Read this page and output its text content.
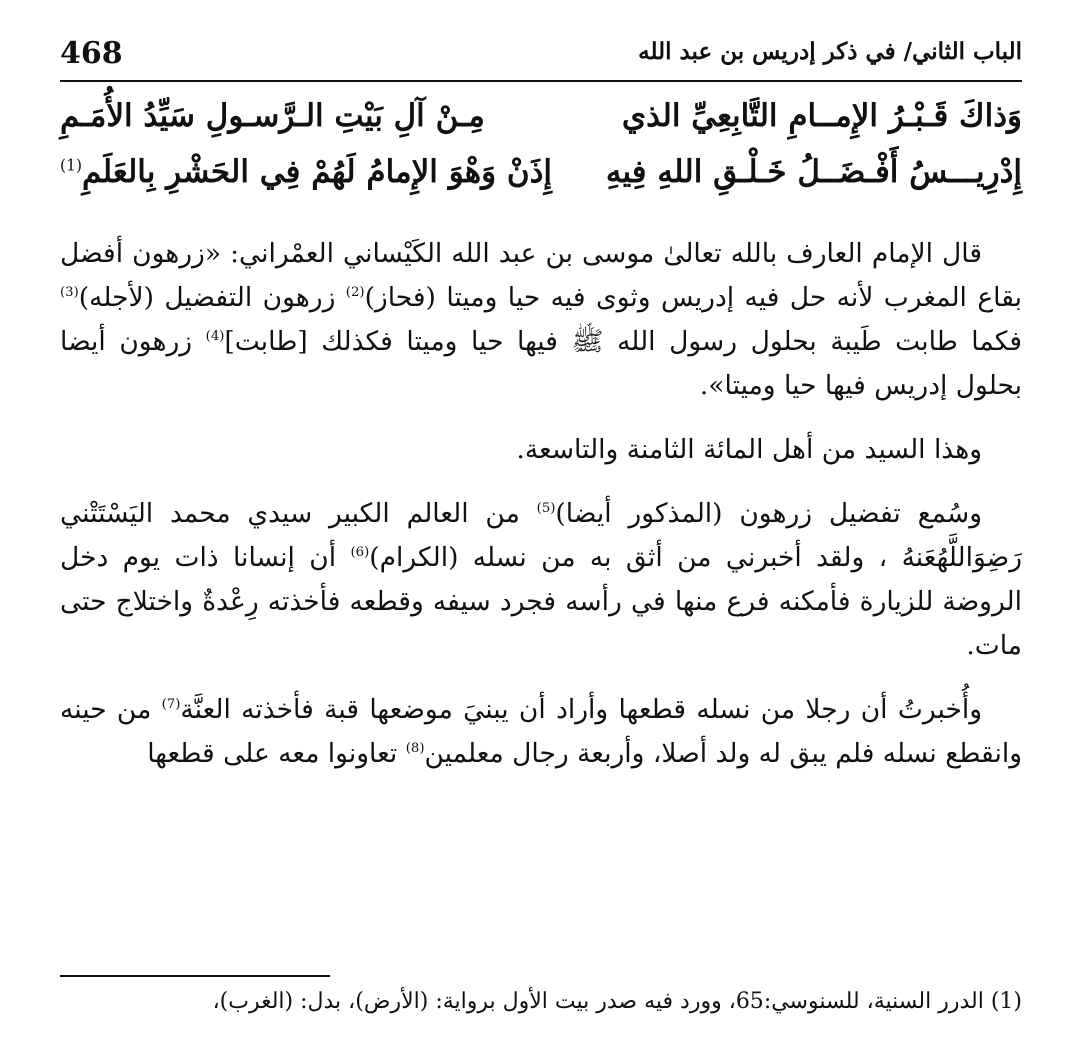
468	الباب الثاني/ في ذكر إدريس بن عبد الله
وَذاكَ قَـبْـرُ الإِمــامِ التَّابِعِيِّ الذي
مِـنْ آلِ بَيْتِ الـرَّسـولِ سَيِّدُ الأُمَـمِ
إِدْرِيـــسُ أَفْـضَــلُ خَـلْـقِ اللهِ فِيهِ
إِذَنْ وَهْوَ الإِمامُ لَهُمْ فِي الحَشْرِ بِالعَلَمِ$^{(1)}$

قال الإمام العارف بالله تعالىٰ موسى بن عبد الله الكَيْساني العمْراني: «زرهون أفضل بقاع المغرب لأنه حل فيه إدريس وثوى فيه حيا وميتا (فحاز)$^{(2)}$ زرهون التفضيل (لأجله)$^{(3)}$ فكما طابت طَيبة بحلول رسول الله ﷺ فيها حيا وميتا فكذلك [طابت]$^{(4)}$ زرهون أيضا بحلول إدريس فيها حيا وميتا».

وهذا السيد من أهل المائة الثامنة والتاسعة.

وسُمع تفضيل زرهون (المذكور أيضا)$^{(5)}$ من العالم الكبير سيدي محمد اليَسْتَتْني رَضِوَاللَّهُعَنهُ ، ولقد أخبرني من أثق به من نسله (الكرام)$^{(6)}$ أن إنسانا ذات يوم دخل الروضة للزيارة فأمكنه فرع منها في رأسه فجرد سيفه وقطعه فأخذته رِعْدةٌ واختلاج حتى مات.

وأُخبرتُ أن رجلا من نسله قطعها وأراد أن يبنيَ موضعها قبة فأخذته العنَّة$^{(7)}$ من حينه وانقطع نسله فلم يبق له ولد أصلا، وأربعة رجال معلمين$^{(8)}$ تعاونوا معه على قطعها

(1) الدرر السنية، للسنوسي:65، وورد فيه صدر بيت الأول برواية: (الأرض)، بدل: (الغرب)،
